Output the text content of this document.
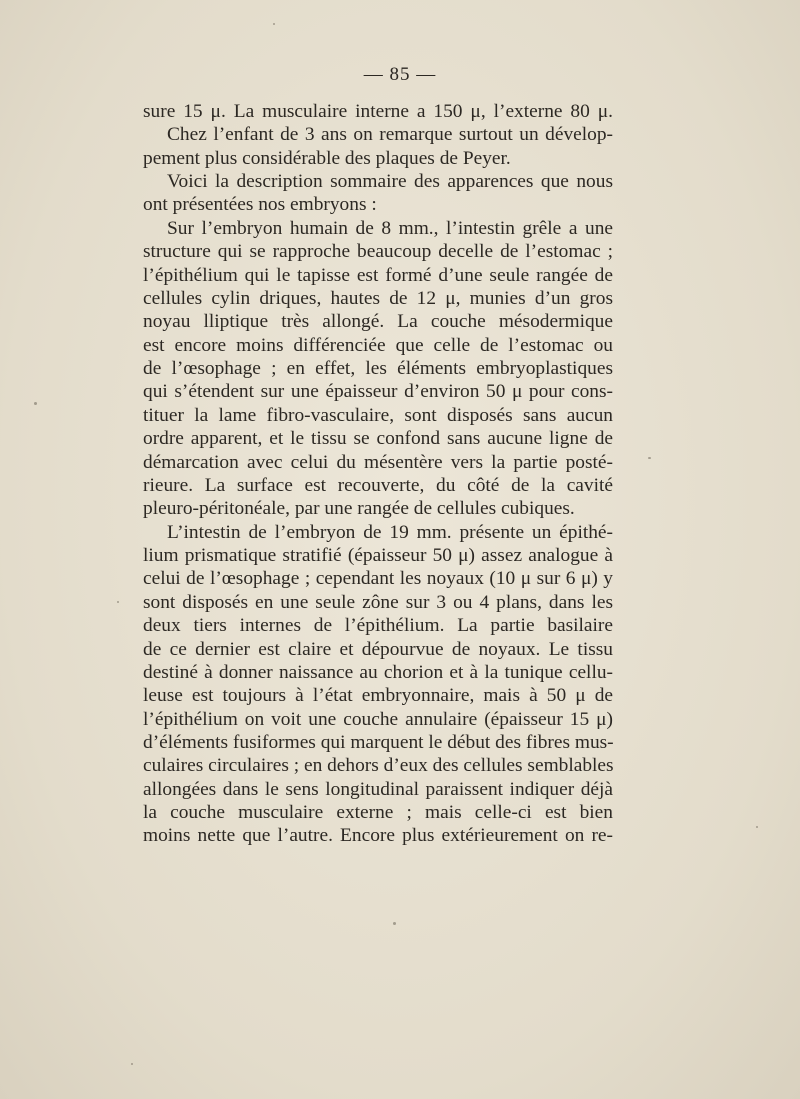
— 85 —
sure 15 μ. La musculaire interne a 150 μ, l’externe 80 μ.
Chez l’enfant de 3 ans on remarque surtout un dévelop-
pement plus considérable des plaques de Peyer.
Voici la description sommaire des apparences que nous
ont présentées nos embryons :
Sur l’embryon humain de 8 mm., l’intestin grêle a une
structure qui se rapproche beaucoup decelle de l’estomac ;
l’épithélium qui le tapisse est formé d’une seule rangée de
cellules cylin driques, hautes de 12 μ, munies d’un gros
noyau lliptique très allongé. La couche mésodermique
est encore moins différenciée que celle de l’estomac ou
de l’œsophage ; en effet, les éléments embryoplastiques
qui s’étendent sur une épaisseur d’environ 50 μ pour cons-
tituer la lame fibro-vasculaire, sont disposés sans aucun
ordre apparent, et le tissu se confond sans aucune ligne de
démarcation avec celui du mésentère vers la partie posté-
rieure. La surface est recouverte, du côté de la cavité
pleuro-péritonéale, par une rangée de cellules cubiques.
L’intestin de l’embryon de 19 mm. présente un épithé-
lium prismatique stratifié (épaisseur 50 μ) assez analogue à
celui de l’œsophage ; cependant les noyaux (10 μ sur 6 μ) y
sont disposés en une seule zône sur 3 ou 4 plans, dans les
deux tiers internes de l’épithélium. La partie basilaire
de ce dernier est claire et dépourvue de noyaux. Le tissu
destiné à donner naissance au chorion et à la tunique cellu-
leuse est toujours à l’état embryonnaire, mais à 50 μ de
l’épithélium on voit une couche annulaire (épaisseur 15 μ)
d’éléments fusiformes qui marquent le début des fibres mus-
culaires circulaires ; en dehors d’eux des cellules semblables
allongées dans le sens longitudinal paraissent indiquer déjà
la couche musculaire externe ; mais celle-ci est bien
moins nette que l’autre. Encore plus extérieurement on re-
